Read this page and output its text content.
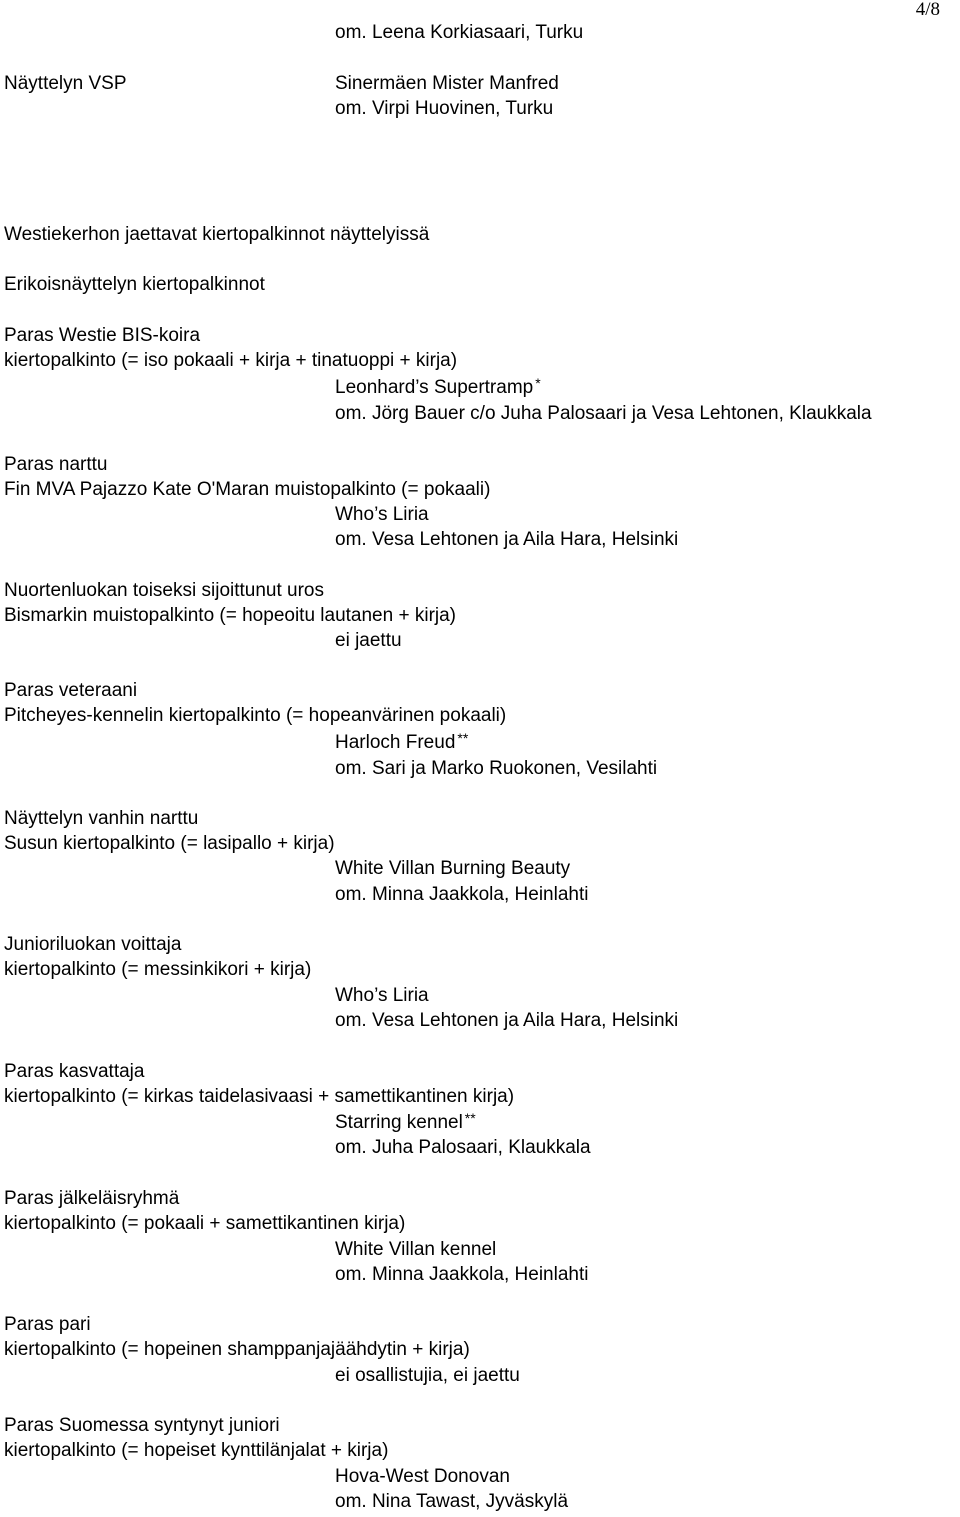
4/8
om. Leena Korkiasaari, Turku
Näyttelyn VSP	Sinermäen Mister Manfred
om. Virpi Huovinen, Turku
Westiekerhon jaettavat kiertopalkinnot näyttelyissä
Erikoisnäyttelyn kiertopalkinnot
Paras Westie BIS-koira
kiertopalkinto (= iso pokaali + kirja + tinatuoppi + kirja)
Leonhard’s Supertramp *
om. Jörg Bauer c/o Juha Palosaari ja Vesa Lehtonen, Klaukkala
Paras narttu
Fin MVA Pajazzo Kate O'Maran muistopalkinto (= pokaali)
Who’s Liria
om. Vesa Lehtonen ja Aila Hara, Helsinki
Nuortenluokan toiseksi sijoittunut uros
Bismarkin muistopalkinto (= hopeoitu lautanen + kirja)
ei jaettu
Paras veteraani
Pitcheyes-kennelin kiertopalkinto (= hopeanvärinen pokaali)
Harloch Freud **
om. Sari ja Marko Ruokonen, Vesilahti
Näyttelyn vanhin narttu
Susun kiertopalkinto (= lasipallo + kirja)
White Villan Burning Beauty
om. Minna Jaakkola, Heinlahti
Junioriluokan voittaja
kiertopalkinto (= messinkikori + kirja)
Who’s Liria
om. Vesa Lehtonen ja Aila Hara, Helsinki
Paras kasvattaja
kiertopalkinto (= kirkas taidelasivaasi + samettikantinen kirja)
Starring kennel **
om. Juha Palosaari, Klaukkala
Paras jälkeläisryhmä
kiertopalkinto (= pokaali + samettikantinen kirja)
White Villan kennel
om. Minna Jaakkola, Heinlahti
Paras pari
kiertopalkinto (= hopeinen shamppanjajäähdytin + kirja)
ei osallistujia, ei jaettu
Paras Suomessa syntynyt juniori
kiertopalkinto (= hopeiset kynttilänjalat + kirja)
Hova-West Donovan
om. Nina Tawast, Jyväskylä
